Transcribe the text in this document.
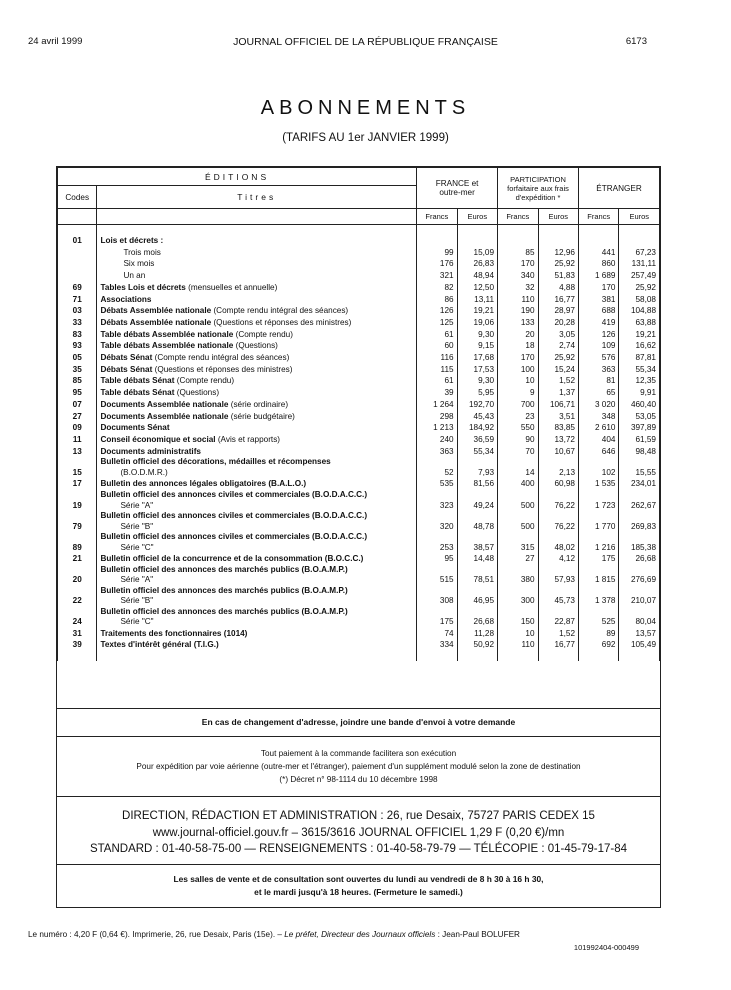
24 avril 1999	JOURNAL OFFICIEL DE LA RÉPUBLIQUE FRANÇAISE	6173
ABONNEMENTS
(TARIFS AU 1er JANVIER 1999)
ÉDITIONS		FRANCE et outre-mer		PARTICIPATION forfaitaire aux frais d'expédition *		ÉTRANGER	
Codes	Titres						
		Francs	Euros	Francs	Euros	Francs	Euros

01	Lois et décrets :						

	Trois mois	99	15,09	85	12,96	441	67,23

	Six mois	176	26,83	170	25,92	860	131,11

	Un an	321	48,94	340	51,83	1 689	257,49
69	Tables Lois et décrets (mensuelles et annuelle)	82	12,50	32	4,88	170	25,92
71	Associations	86	13,11	110	16,77	381	58,08
03	Débats Assemblée nationale (Compte rendu intégral des séances)	126	19,21	190	28,97	688	104,88
33	Débats Assemblée nationale (Questions et réponses des ministres)	125	19,06	133	20,28	419	63,88
83	Table débats Assemblée nationale (Compte rendu)	61	9,30	20	3,05	126	19,21
93	Table débats Assemblée nationale (Questions)	60	9,15	18	2,74	109	16,62
05	Débats Sénat (Compte rendu intégral des séances)	116	17,68	170	25,92	576	87,81
35	Débats Sénat (Questions et réponses des ministres)	115	17,53	100	15,24	363	55,34
85	Table débats Sénat (Compte rendu)	61	9,30	10	1,52	81	12,35
95	Table débats Sénat (Questions)	39	5,95	9	1,37	65	9,91
07	Documents Assemblée nationale (série ordinaire)	1 264	192,70	700	106,71	3 020	460,40
27	Documents Assemblée nationale (série budgétaire)	298	45,43	23	3,51	348	53,05
09	Documents Sénat	1 213	184,92	550	83,85	2 610	397,89
11	Conseil économique et social (Avis et rapports)	240	36,59	90	13,72	404	61,59
13	Documents administratifs	363	55,34	70	10,67	646	98,48
15	Bulletin officiel des décorations, médailles et récompenses
(B.O.D.M.R.)	52	7,93	14	2,13	102	15,55
17	Bulletin des annonces légales obligatoires (B.A.L.O.)	535	81,56	400	60,98	1 535	234,01
19	Bulletin officiel des annonces civiles et commerciales (B.O.D.A.C.C.)
Série "A"	323	49,24	500	76,22	1 723	262,67
79	Bulletin officiel des annonces civiles et commerciales (B.O.D.A.C.C.)
Série "B"	320	48,78	500	76,22	1 770	269,83
89	Bulletin officiel des annonces civiles et commerciales (B.O.D.A.C.C.)
Série "C"	253	38,57	315	48,02	1 216	185,38
21	Bulletin officiel de la concurrence et de la consommation (B.O.C.C.)	95	14,48	27	4,12	175	26,68
20	Bulletin officiel des annonces des marchés publics (B.O.A.M.P.)
Série "A"	515	78,51	380	57,93	1 815	276,69
22	Bulletin officiel des annonces des marchés publics (B.O.A.M.P.)
Série "B"	308	46,95	300	45,73	1 378	210,07
24	Bulletin officiel des annonces des marchés publics (B.O.A.M.P.)
Série "C"	175	26,68	150	22,87	525	80,04
31	Traitements des fonctionnaires (1014)	74	11,28	10	1,52	89	13,57
39	Textes d'intérêt général (T.I.G.)	334	50,92	110	16,77	692	105,49

En cas de changement d'adresse, joindre une bande d'envoi à votre demande
Tout paiement à la commande facilitera son exécution
Pour expédition par voie aérienne (outre-mer et l'étranger), paiement d'un supplément modulé selon la zone de destination
(*) Décret n° 98-1114 du 10 décembre 1998
DIRECTION, RÉDACTION ET ADMINISTRATION : 26, rue Desaix, 75727 PARIS CEDEX 15
www.journal-officiel.gouv.fr – 3615/3616 JOURNAL OFFICIEL 1,29 F (0,20 €)/mn
STANDARD : 01-40-58-75-00 — RENSEIGNEMENTS : 01-40-58-79-79 — TÉLÉCOPIE : 01-45-79-17-84
Les salles de vente et de consultation sont ouvertes du lundi au vendredi de 8 h 30 à 16 h 30,
et le mardi jusqu'à 18 heures. (Fermeture le samedi.)
Le numéro : 4,20 F (0,64 €). Imprimerie, 26, rue Desaix, Paris (15e). – Le préfet, Directeur des Journaux officiels : Jean-Paul BOLUFER
101992404-000499
